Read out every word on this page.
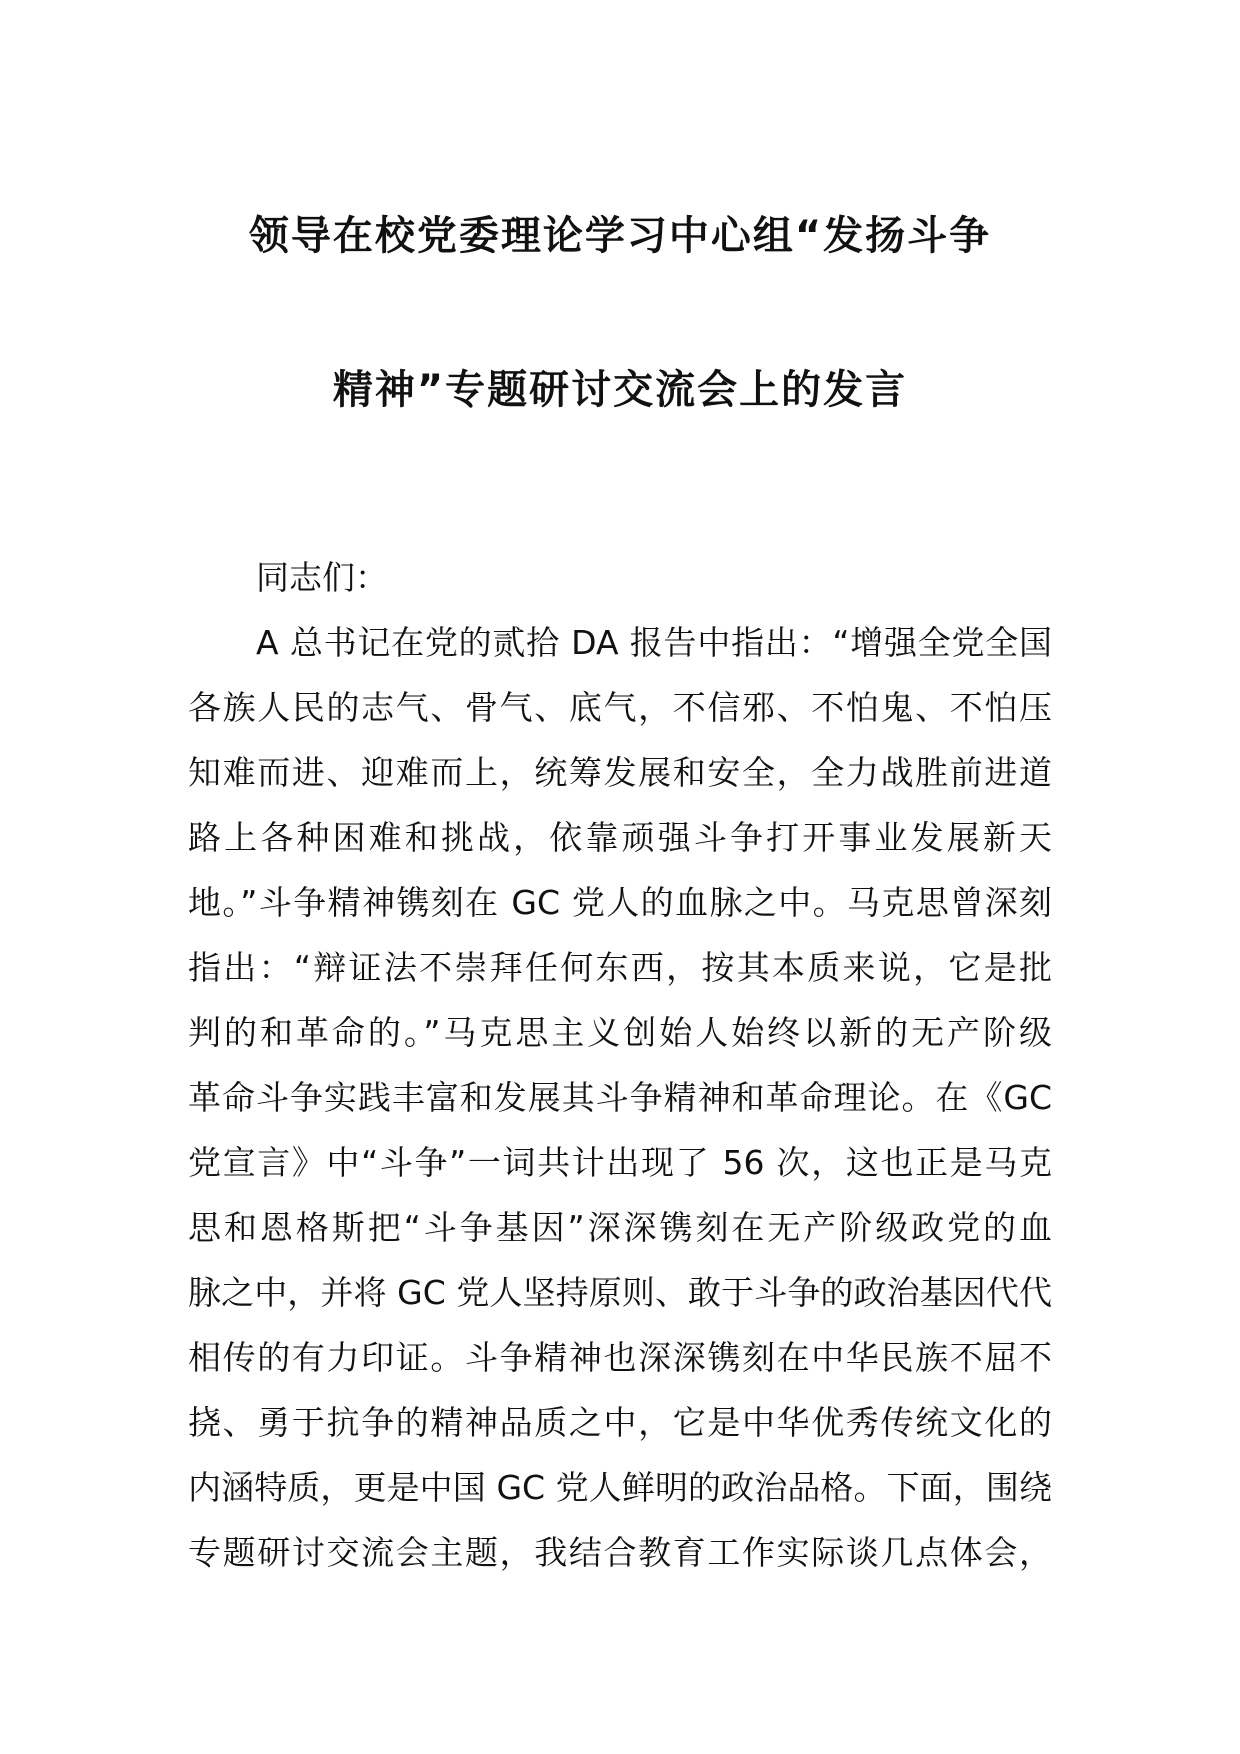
领导在校党委理论学习中心组“发扬斗争
精神”专题研讨交流会上的发言
同志们：
A 总书记在党的贰拾 DA 报告中指出：“增强全党全国
各族人民的志气、骨气、底气，不信邪、不怕鬼、不怕压
知难而进、迎难而上，统筹发展和安全，全力战胜前进道
路上各种困难和挑战，依靠顽强斗争打开事业发展新天
地。”斗争精神镌刻在 GC 党人的血脉之中。马克思曾深刻
指出：“辩证法不崇拜任何东西，按其本质来说，它是批
判的和革命的。”马克思主义创始人始终以新的无产阶级
革命斗争实践丰富和发展其斗争精神和革命理论。在《GC
党宣言》中“斗争”一词共计出现了 56 次，这也正是马克
思和恩格斯把“斗争基因”深深镌刻在无产阶级政党的血
脉之中，并将 GC 党人坚持原则、敢于斗争的政治基因代代
相传的有力印证。斗争精神也深深镌刻在中华民族不屈不
挠、勇于抗争的精神品质之中，它是中华优秀传统文化的
内涵特质，更是中国 GC 党人鲜明的政治品格。下面，围绕
专题研讨交流会主题，我结合教育工作实际谈几点体会，
